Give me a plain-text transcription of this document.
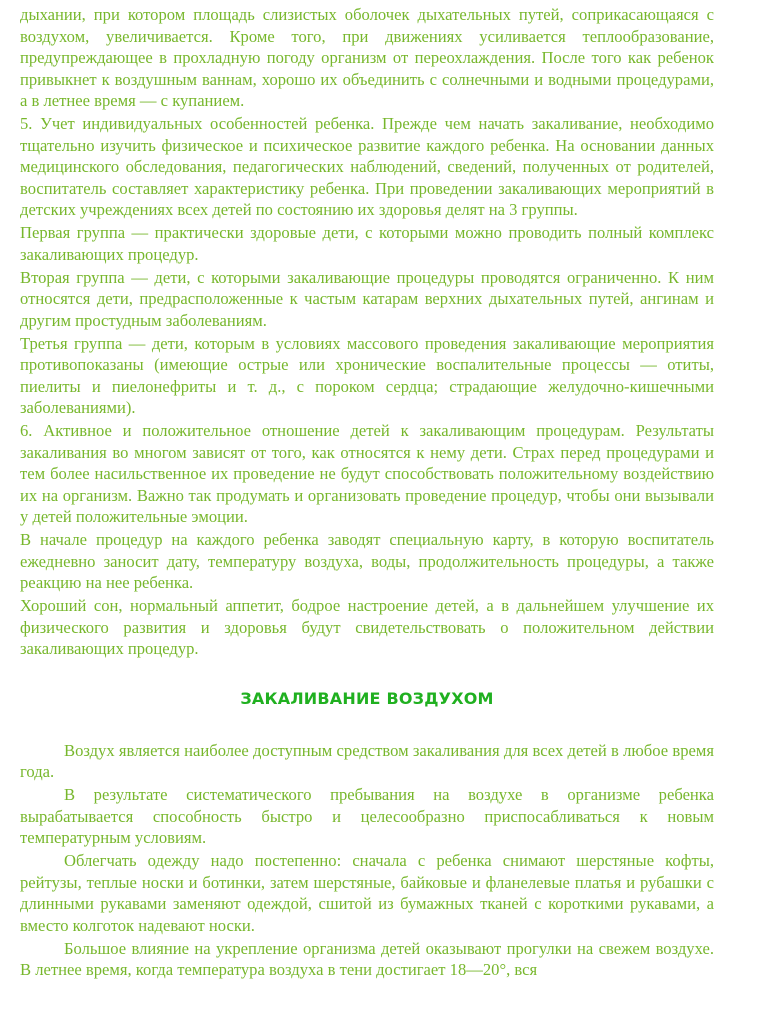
дыхании, при котором площадь слизистых оболочек дыхательных путей, соприкасающаяся с воздухом, увеличивается. Кроме того, при движениях усиливается теплообразование, предупреждающее в прохладную погоду организм от переохлаждения. После того как ребенок привыкнет к воздушным ваннам, хорошо их объединить с солнечными и водными процедурами, а в летнее время — с купанием.

5. Учет индивидуальных особенностей ребенка. Прежде чем начать закаливание, необходимо тщательно изучить физическое и психическое развитие каждого ребенка. На основании данных медицинского обследования, педагогических наблюдений, сведений, полученных от родителей, воспитатель составляет характеристику ребенка. При проведении закаливающих мероприятий в детских учреждениях всех детей по состоянию их здоровья делят на 3 группы.

Первая группа — практически здоровые дети, с которыми можно проводить полный комплекс закаливающих процедур.

Вторая группа — дети, с которыми закаливающие процедуры проводятся ограниченно. К ним относятся дети, предрасположенные к частым катарам верхних дыхательных путей, ангинам и другим простудным заболеваниям.

Третья группа — дети, которым в условиях массового проведения закаливающие мероприятия противопоказаны (имеющие острые или хронические воспалительные процессы — отиты, пиелиты и пиелонефриты и т. д., с пороком сердца; страдающие желудочно-кишечными заболеваниями).

6. Активное и положительное отношение детей к закаливающим процедурам. Результаты закаливания во многом зависят от того, как относятся к нему дети. Страх перед процедурами и тем более насильственное их проведение не будут способствовать положительному воздействию их на организм. Важно так продумать и организовать проведение процедур, чтобы они вызывали у детей положительные эмоции.

В начале процедур на каждого ребенка заводят специальную карту, в которую воспитатель ежедневно заносит дату, температуру воздуха, воды, продолжительность процедуры, а также реакцию на нее ребенка.

Хороший сон, нормальный аппетит, бодрое настроение детей, а в дальнейшем улучшение их физического развития и здоровья будут свидетельствовать о положительном действии закаливающих процедур.

ЗАКАЛИВАНИЕ ВОЗДУХОМ

Воздух является наиболее доступным средством закаливания для всех детей в любое время года.

В результате систематического пребывания на воздухе в организме ребенка вырабатывается способность быстро и целесообразно приспосабливаться к новым температурным условиям.

Облегчать одежду надо постепенно: сначала с ребенка снимают шерстяные кофты, рейтузы, теплые носки и ботинки, затем шерстяные, байковые и фланелевые платья и рубашки с длинными рукавами заменяют одеждой, сшитой из бумажных тканей с короткими рукавами, а вместо колготок надевают носки.

Большое влияние на укрепление организма детей оказывают прогулки на свежем воздухе. В летнее время, когда температура воздуха в тени достигает 18—20°, вся
